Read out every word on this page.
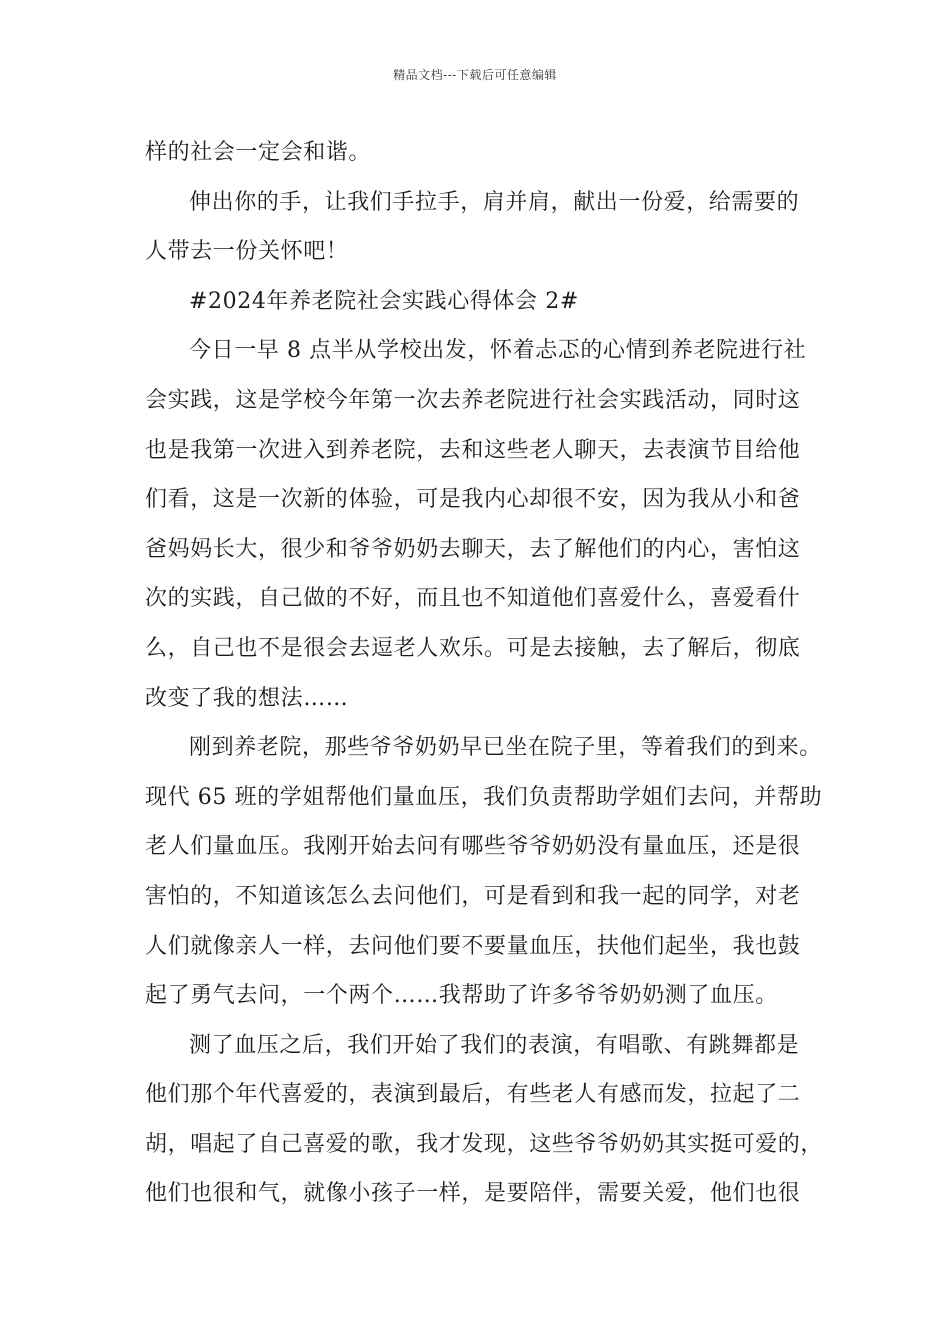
精品文档---下载后可任意编辑
样的社会一定会和谐。
伸出你的手，让我们手拉手，肩并肩，献出一份爱，给需要的
人带去一份关怀吧！
#2024年养老院社会实践心得体会 2#
今日一早 8 点半从学校出发，怀着忐忑的心情到养老院进行社
会实践，这是学校今年第一次去养老院进行社会实践活动，同时这
也是我第一次进入到养老院，去和这些老人聊天，去表演节目给他
们看，这是一次新的体验，可是我内心却很不安，因为我从小和爸
爸妈妈长大，很少和爷爷奶奶去聊天，去了解他们的内心，害怕这
次的实践，自己做的不好，而且也不知道他们喜爱什么，喜爱看什
么，自己也不是很会去逗老人欢乐。可是去接触，去了解后，彻底
改变了我的想法……
刚到养老院，那些爷爷奶奶早已坐在院子里，等着我们的到来。
现代 65 班的学姐帮他们量血压，我们负责帮助学姐们去问，并帮助
老人们量血压。我刚开始去问有哪些爷爷奶奶没有量血压，还是很
害怕的，不知道该怎么去问他们，可是看到和我一起的同学，对老
人们就像亲人一样，去问他们要不要量血压，扶他们起坐，我也鼓
起了勇气去问，一个两个……我帮助了许多爷爷奶奶测了血压。
测了血压之后，我们开始了我们的表演，有唱歌、有跳舞都是
他们那个年代喜爱的，表演到最后，有些老人有感而发，拉起了二
胡，唱起了自己喜爱的歌，我才发现，这些爷爷奶奶其实挺可爱的，
他们也很和气，就像小孩子一样，是要陪伴，需要关爱，他们也很
